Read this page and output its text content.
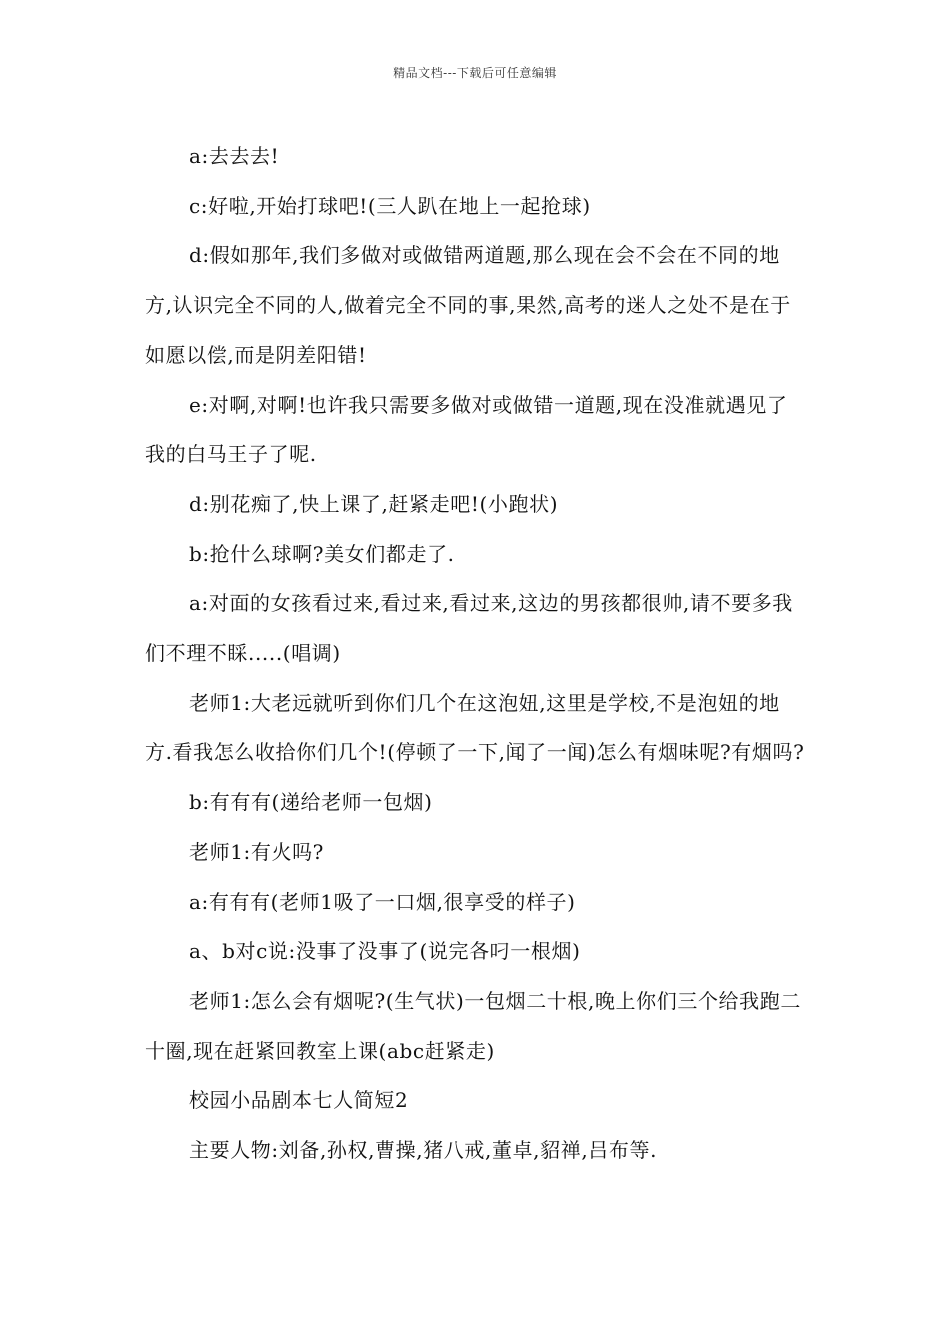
精品文档---下载后可任意编辑

a:去去去!

c:好啦,开始打球吧!(三人趴在地上一起抢球)

d:假如那年,我们多做对或做错两道题,那么现在会不会在不同的地方,认识完全不同的人,做着完全不同的事,果然,高考的迷人之处不是在于如愿以偿,而是阴差阳错!

e:对啊,对啊!也许我只需要多做对或做错一道题,现在没准就遇见了我的白马王子了呢.

d:别花痴了,快上课了,赶紧走吧!(小跑状)

b:抢什么球啊?美女们都走了.

a:对面的女孩看过来,看过来,看过来,这边的男孩都很帅,请不要多我们不理不睬.....(唱调)

老师1:大老远就听到你们几个在这泡妞,这里是学校,不是泡妞的地方.看我怎么收拾你们几个!(停顿了一下,闻了一闻)怎么有烟味呢?有烟吗?

b:有有有(递给老师一包烟)

老师1:有火吗?

a:有有有(老师1吸了一口烟,很享受的样子)

a、b对c说:没事了没事了(说完各叼一根烟)

老师1:怎么会有烟呢?(生气状)一包烟二十根,晚上你们三个给我跑二十圈,现在赶紧回教室上课(abc赶紧走)

校园小品剧本七人简短2

主要人物:刘备,孙权,曹操,猪八戒,董卓,貂禅,吕布等.
